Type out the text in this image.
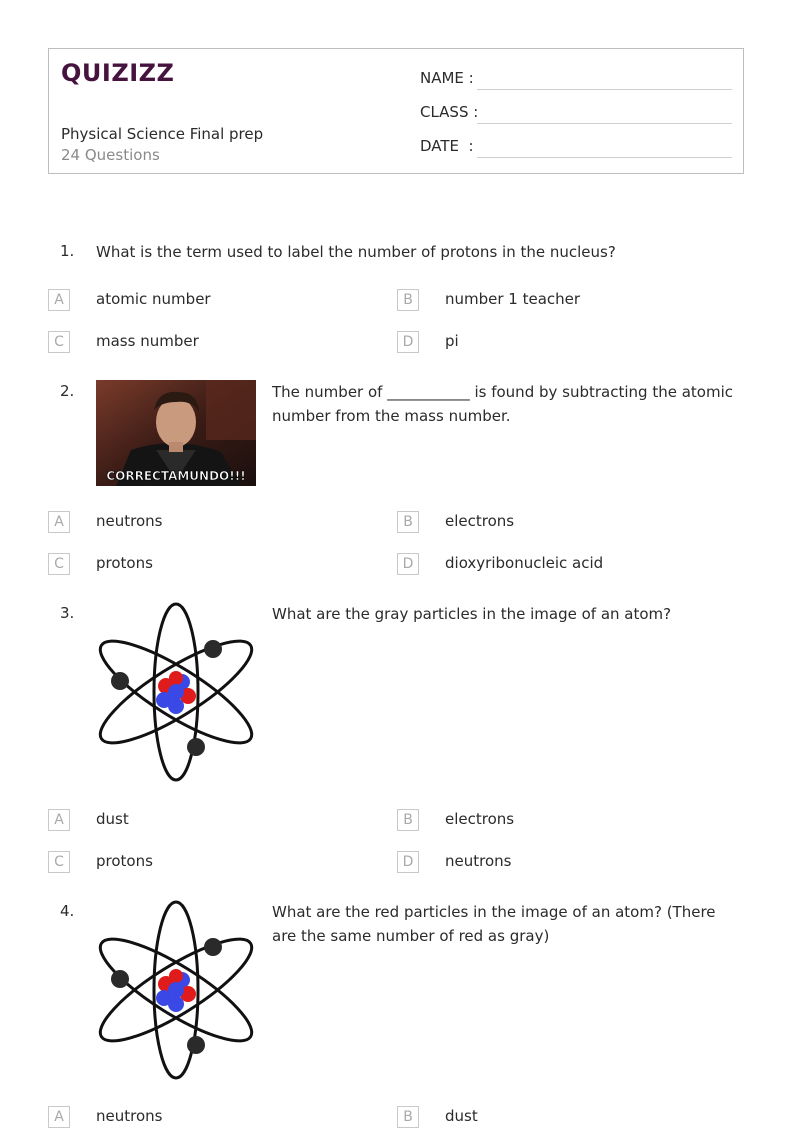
QUIZIZZ
Physical Science Final prep
24 Questions
NAME :
CLASS :
DATE  :
1. What is the term used to label the number of protons in the nucleus?
A	atomic number	B	number 1 teacher
C	mass number	D	pi
2.
CORRECTAMUNDO!!!
The number of ___________ is found by subtracting the atomic number from the mass number.
A	neutrons	B	electrons
C	protons	D	dioxyribonucleic acid
3.	What are the gray particles in the image of an atom?
A	dust	B	electrons
C	protons	D	neutrons
4.	What are the red particles in the image of an atom? (There are the same number of red as gray)
A	neutrons	B	dust
